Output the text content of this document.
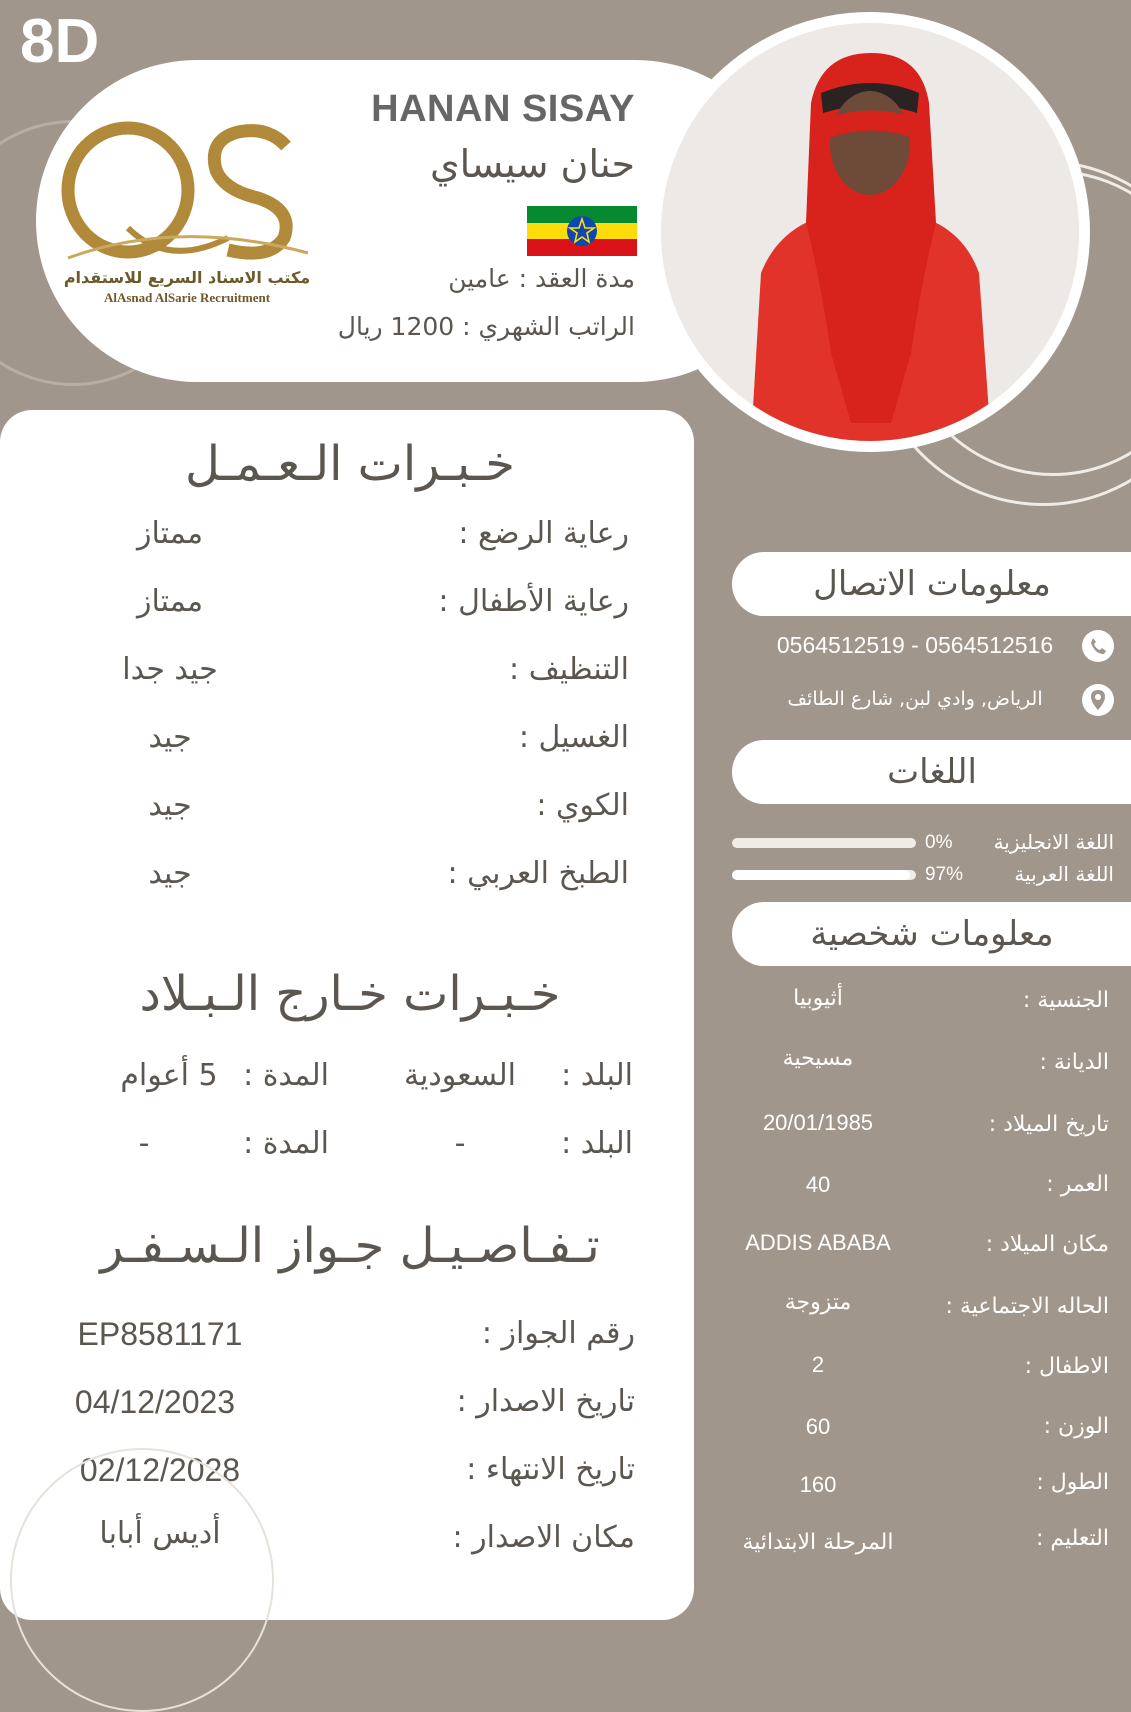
8D
مكتب الاسناد السريع للاستقدام
AlAsnad AlSarie Recruitment
HANAN SISAY
حنان سيساي
مدة العقد : عامين
الراتب الشهري : 1200 ريال
خـبـرات الـعـمـل
رعاية الرضع :
ممتاز
رعاية الأطفال :
ممتاز
التنظيف :
جيد جدا
الغسيل :
جيد
الكوي :
جيد
الطبخ العربي :
جيد
خـبـرات خـارج الـبـلاد
البلد :
السعودية
المدة :
5 أعوام
البلد :
-
المدة :
-
تـفـاصـيـل جـواز الـسـفـر
رقم الجواز :
EP8581171
تاريخ الاصدار :
04/12/2023
تاريخ الانتهاء :
02/12/2028
مكان الاصدار :
أديس أبابا
معلومات الاتصال
0564512519 - 0564512516
الرياض, وادي لبن, شارع الطائف
اللغات
اللغة الانجليزية
0%
اللغة العربية
97%
معلومات شخصية
الجنسية :
أثيوبيا
الديانة :
مسيحية
تاريخ الميلاد :
20/01/1985
العمر :
40
مكان الميلاد :
ADDIS ABABA
الحاله الاجتماعية :
متزوجة
الاطفال :
2
الوزن :
60
الطول :
160
التعليم :
المرحلة الابتدائية
